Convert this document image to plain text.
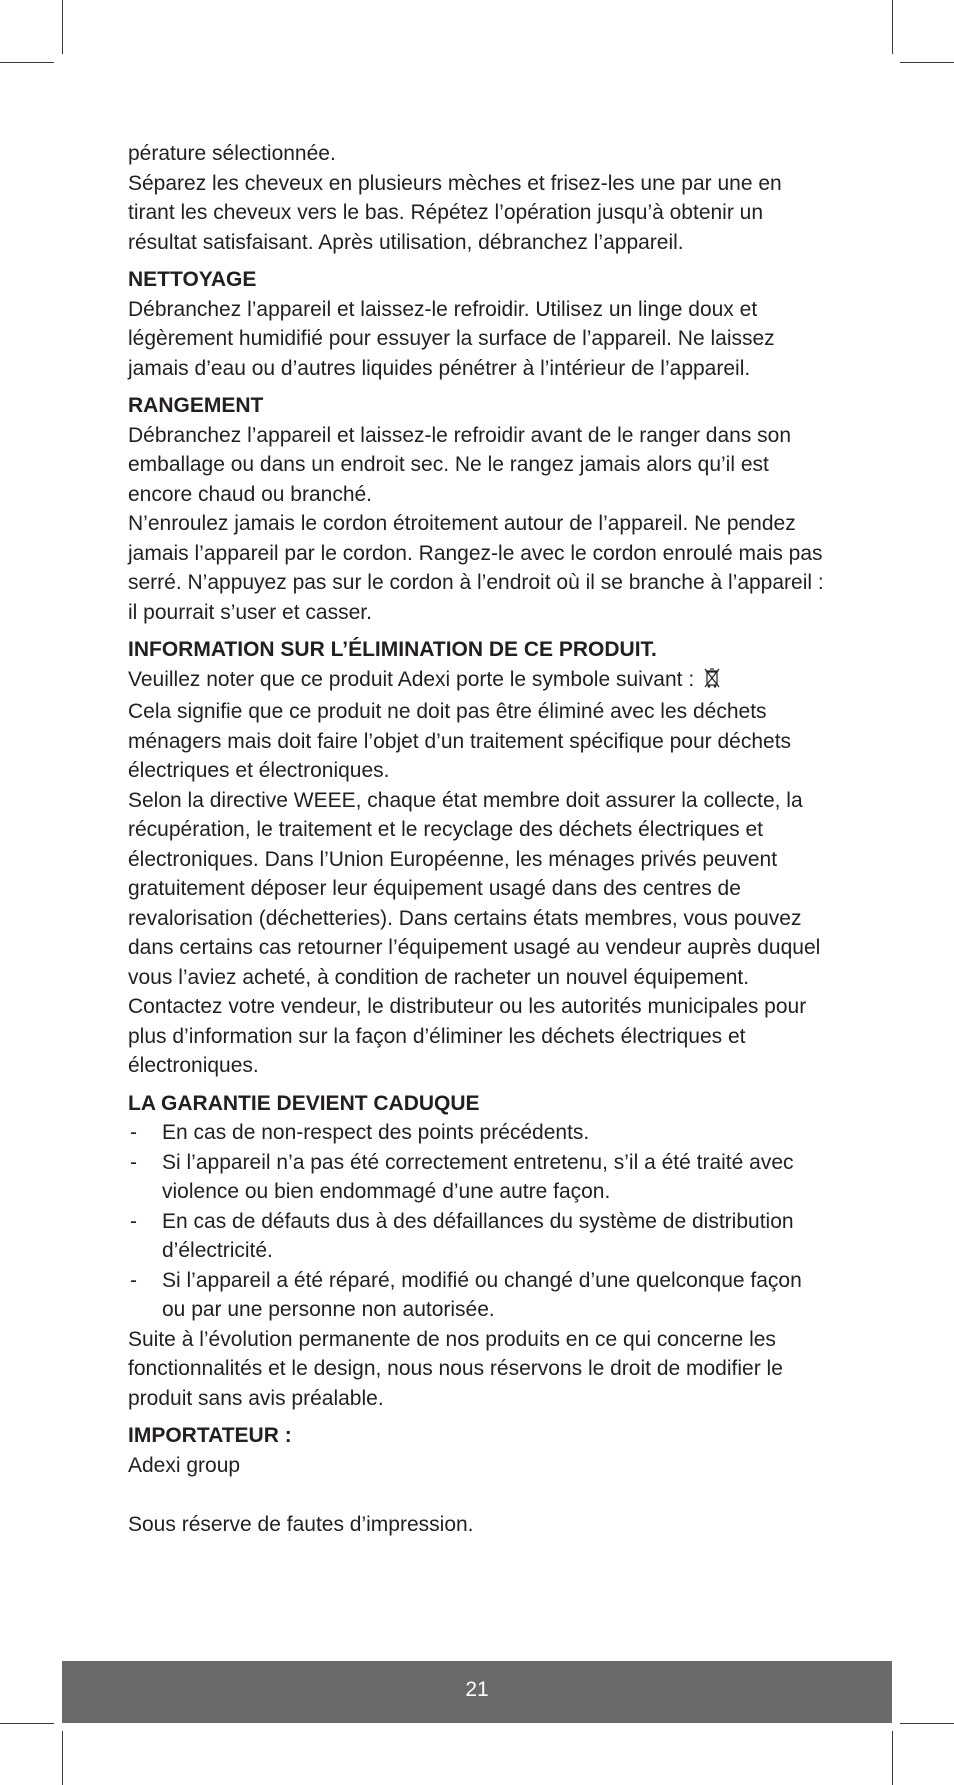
pérature sélectionnée.

Séparez les cheveux en plusieurs mèches et frisez-les une par une en tirant les cheveux vers le bas. Répétez l’opération jusqu’à obtenir un résultat satisfaisant. Après utilisation, débranchez l’appareil.

NETTOYAGE

Débranchez l’appareil et laissez-le refroidir. Utilisez un linge doux et légèrement humidifié pour essuyer la surface de l’appareil. Ne laissez jamais d’eau ou d’autres liquides pénétrer à l’intérieur de l’appareil.

RANGEMENT

Débranchez l’appareil et laissez-le refroidir avant de le ranger dans son emballage ou dans un endroit sec. Ne le rangez jamais alors qu’il est encore chaud ou branché.

N’enroulez jamais le cordon étroitement autour de l’appareil. Ne pendez jamais l’appareil par le cordon. Rangez-le avec le cordon enroulé mais pas serré. N’appuyez pas sur le cordon à l’endroit où il se branche à l’appareil : il pourrait s’user et casser.

INFORMATION SUR L’ÉLIMINATION DE CE PRODUIT.

Veuillez noter que ce produit Adexi porte le symbole suivant :

Cela signifie que ce produit ne doit pas être éliminé avec les déchets ménagers mais doit faire l’objet d’un traitement spécifique pour déchets électriques et électroniques.

Selon la directive WEEE, chaque état membre doit assurer la collecte, la récupération, le traitement et le recyclage des déchets électriques et électroniques. Dans l’Union Européenne, les ménages privés peuvent gratuitement déposer leur équipement usagé dans des centres de revalorisation (déchetteries). Dans certains états membres, vous pouvez dans certains cas retourner l’équipement usagé au vendeur auprès duquel vous l’aviez acheté, à condition de racheter un nouvel équipement. Contactez votre vendeur, le distributeur ou les autorités municipales pour plus d’information sur la façon d’éliminer les déchets électriques et électroniques.

LA GARANTIE DEVIENT CADUQUE
- En cas de non-respect des points précédents.
- Si l’appareil n’a pas été correctement entretenu, s’il a été traité avec violence ou bien endommagé d’une autre façon.
- En cas de défauts dus à des défaillances du système de distribution d’électricité.
- Si l’appareil a été réparé, modifié ou changé d’une quelconque façon ou par une personne non autorisée.

Suite à l’évolution permanente de nos produits en ce qui concerne les fonctionnalités et le design, nous nous réservons le droit de modifier le produit sans avis préalable.

IMPORTATEUR :

Adexi group

Sous réserve de fautes d’impression.

21
